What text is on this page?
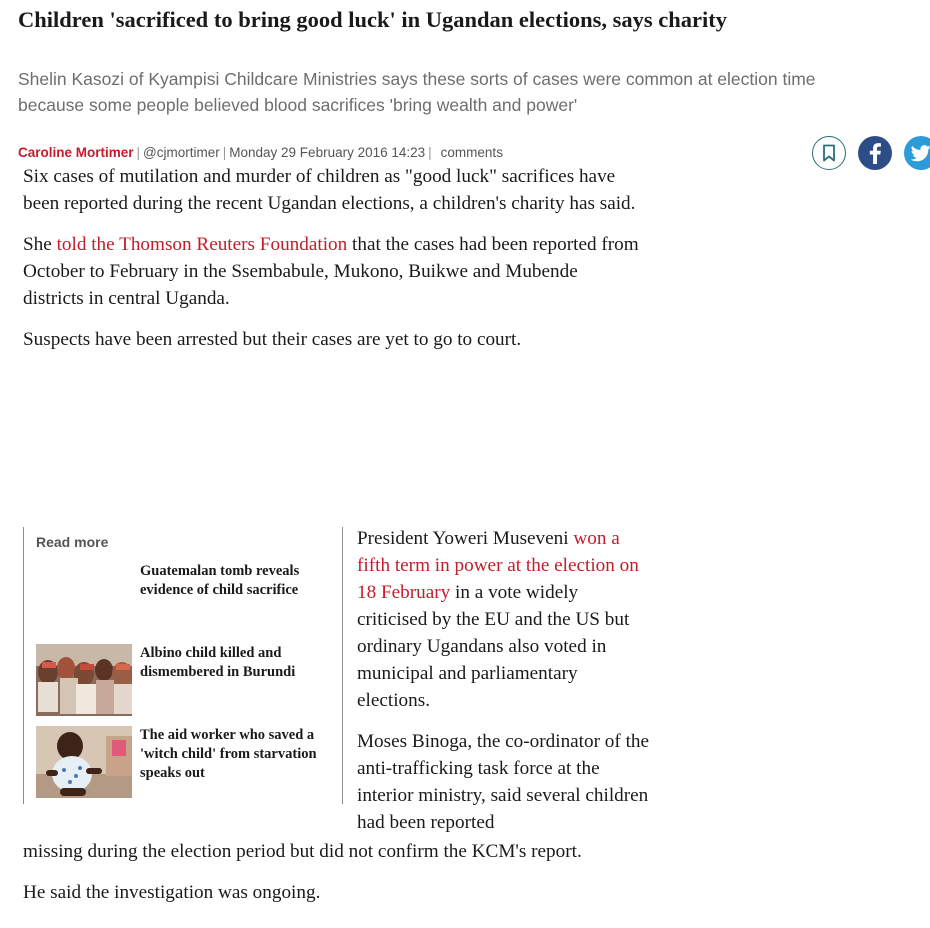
Children 'sacrificed to bring good luck' in Ugandan elections, says charity
Shelin Kasozi of Kyampisi Childcare Ministries says these sorts of cases were common at election time
because some people believed blood sacrifices 'bring wealth and power'
Caroline Mortimer | @cjmortimer | Monday 29 February 2016 14:23 | comments

Six cases of mutilation and murder of children as "good luck" sacrifices have been reported during the recent Ugandan elections, a children's charity has said.

She told the Thomson Reuters Foundation that the cases had been reported from October to February in the Ssembabule, Mukono, Buikwe and Mubende districts in central Uganda.

Suspects have been arrested but their cases are yet to go to court.

Read more
Guatemalan tomb reveals evidence of child sacrifice
Albino child killed and dismembered in Burundi
The aid worker who saved a 'witch child' from starvation speaks out

President Yoweri Museveni won a fifth term in power at the election on 18 February in a vote widely criticised by the EU and the US but ordinary Ugandans also voted in municipal and parliamentary elections.

Moses Binoga, the co-ordinator of the anti-trafficking task force at the interior ministry, said several children had been reported

missing during the election period but did not confirm the KCM's report.

He said the investigation was ongoing.
